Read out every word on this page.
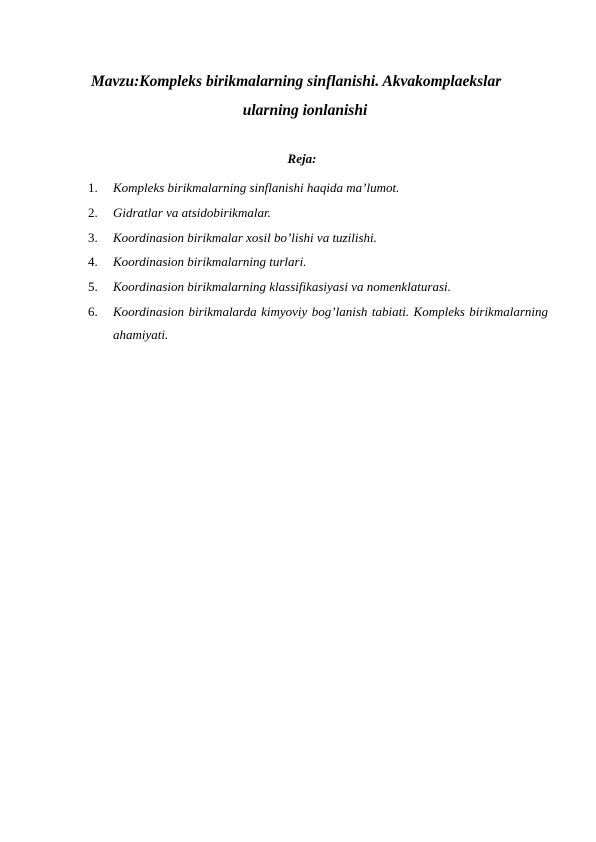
Mavzu:Kompleks birikmalarning sinflanishi. Akvakomplaekslar
ularning ionlanishi
Reja:
1. Kompleks birikmalarning sinflanishi haqida ma’lumot.
2. Gidratlar va atsidobirikmalar.
3. Koordinasion birikmalar xosil bo’lishi va tuzilishi.
4. Koordinasion birikmalarning turlari.
5. Koordinasion birikmalarning klassifikasiyasi va nomenklaturasi.
6. Koordinasion birikmalarda kimyoviy bog’lanish tabiati. Kompleks birikmalarning ahamiyati.
